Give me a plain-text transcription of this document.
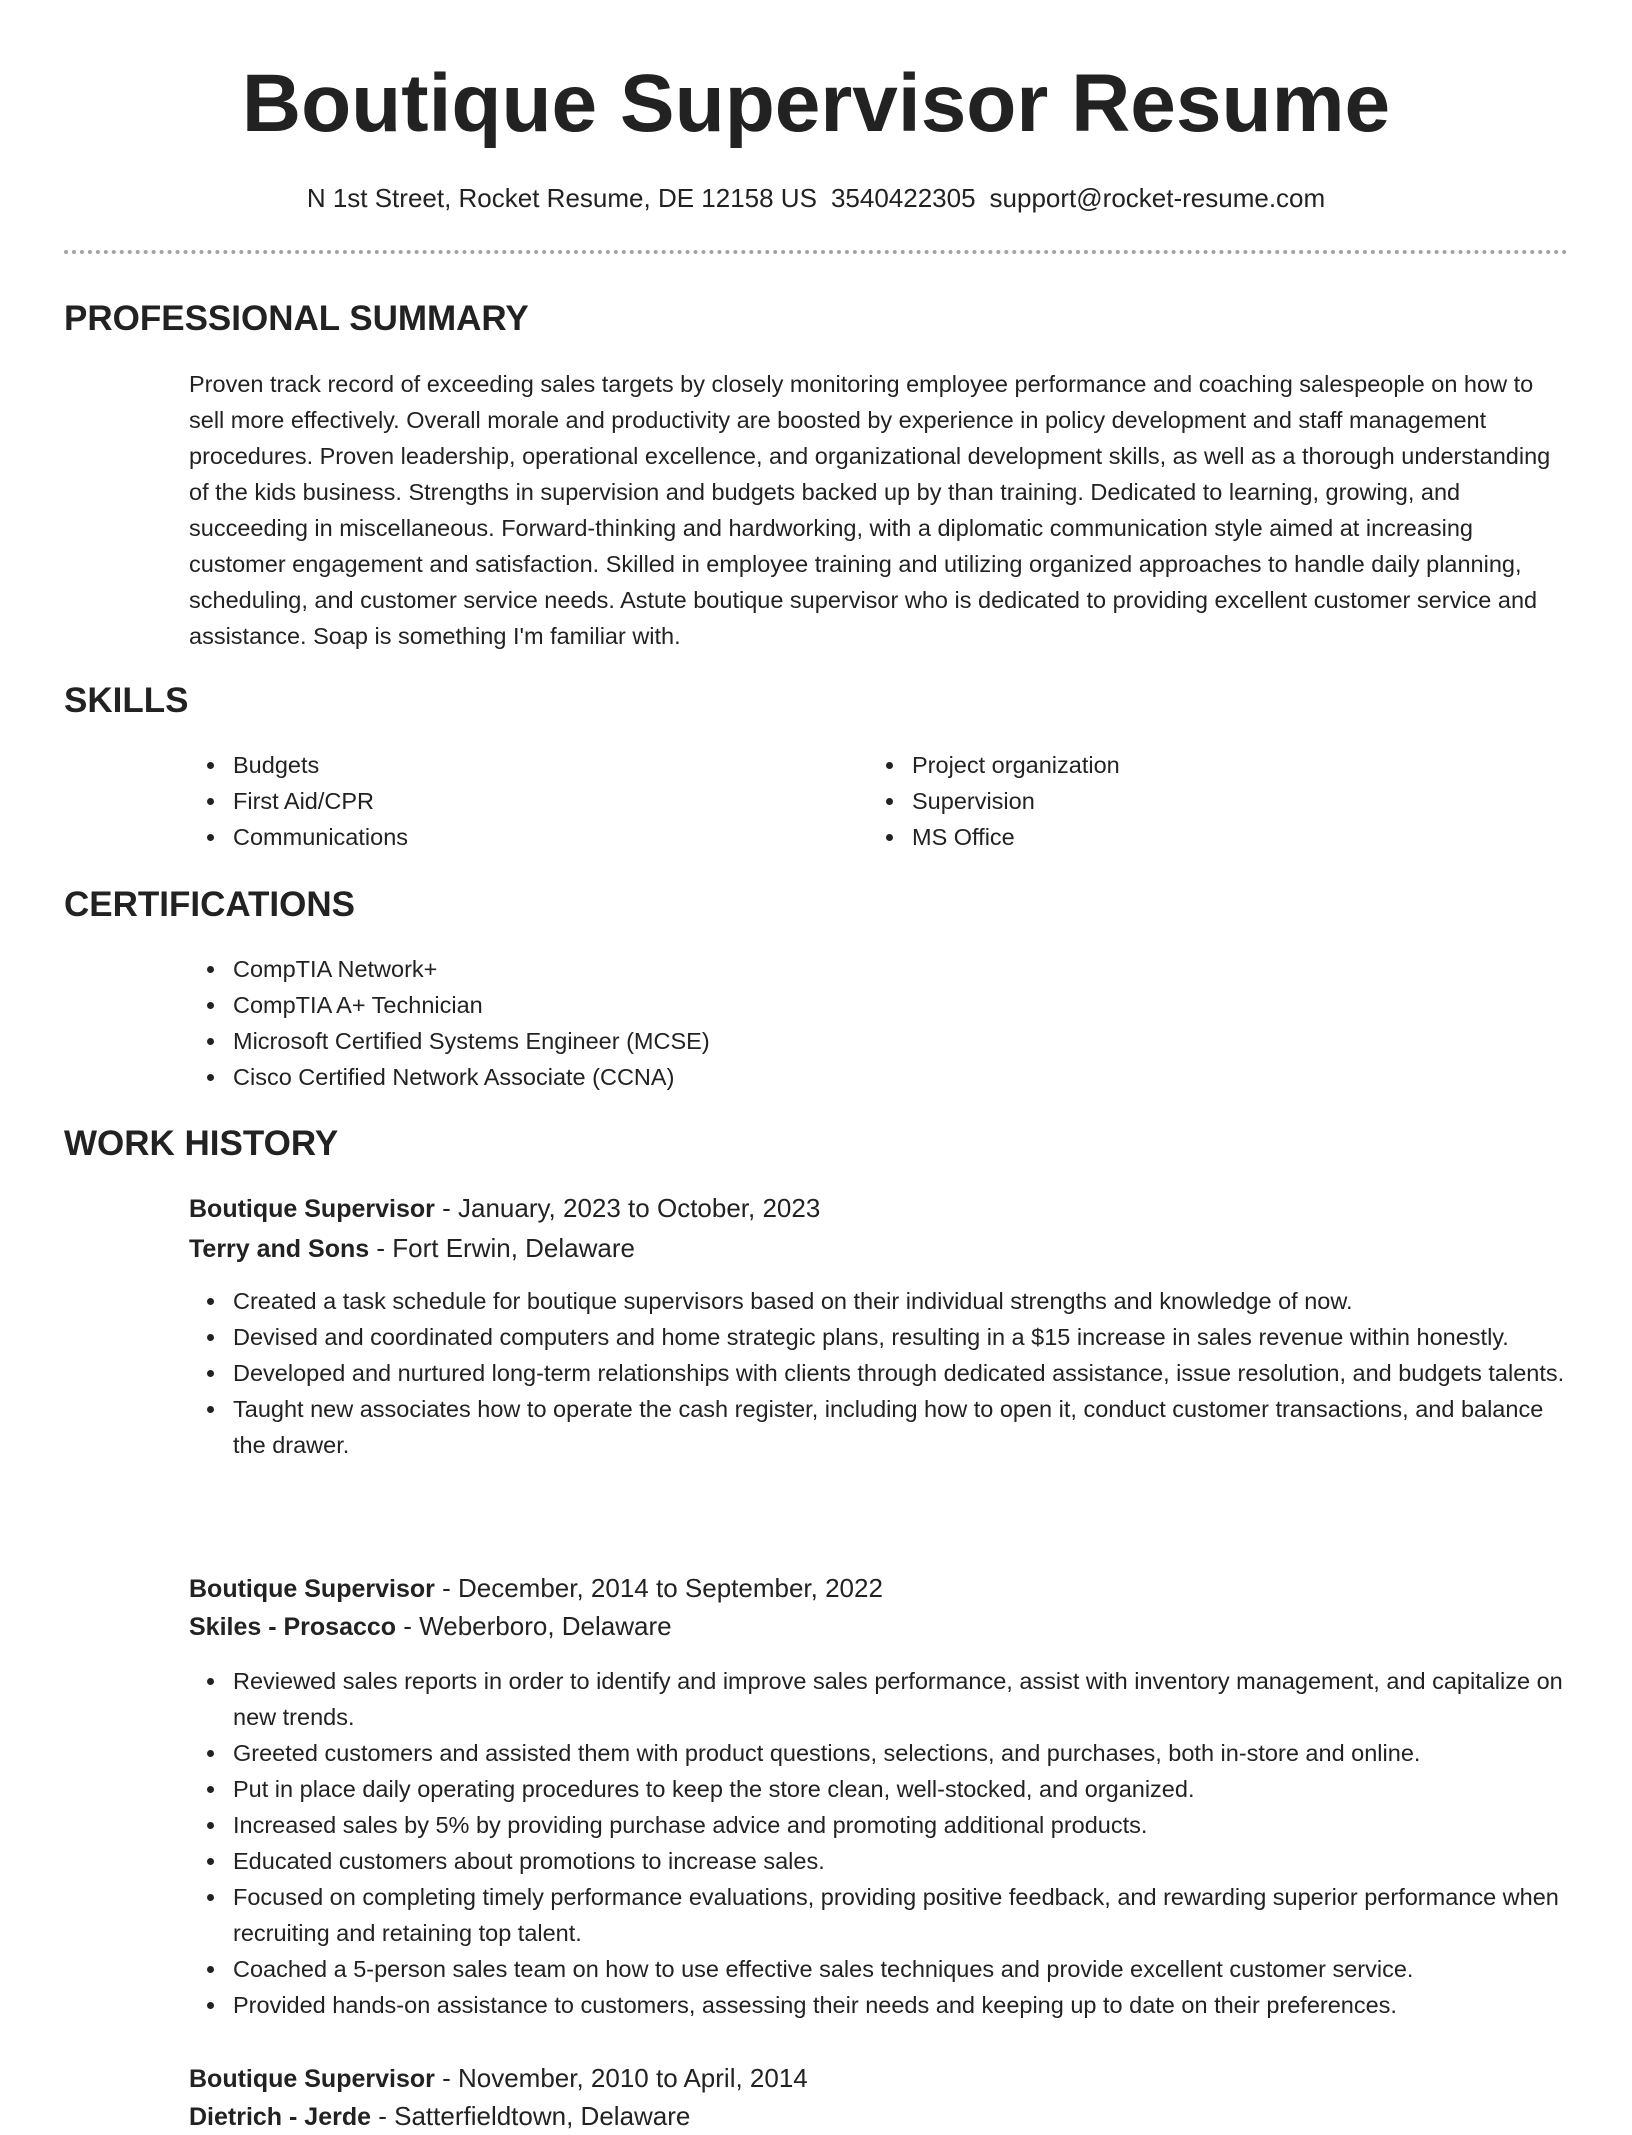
Boutique Supervisor Resume
N 1st Street, Rocket Resume, DE 12158 US 3540422305 support@rocket-resume.com
PROFESSIONAL SUMMARY

Proven track record of exceeding sales targets by closely monitoring employee performance and coaching salespeople on how to sell more effectively. Overall morale and productivity are boosted by experience in policy development and staff management procedures. Proven leadership, operational excellence, and organizational development skills, as well as a thorough understanding of the kids business. Strengths in supervision and budgets backed up by than training. Dedicated to learning, growing, and succeeding in miscellaneous. Forward-thinking and hardworking, with a diplomatic communication style aimed at increasing customer engagement and satisfaction. Skilled in employee training and utilizing organized approaches to handle daily planning, scheduling, and customer service needs. Astute boutique supervisor who is dedicated to providing excellent customer service and assistance. Soap is something I'm familiar with.

SKILLS
Budgets
First Aid/CPR
Communications
Project organization
Supervision
MS Office
CERTIFICATIONS
CompTIA Network+
CompTIA A+ Technician
Microsoft Certified Systems Engineer (MCSE)
Cisco Certified Network Associate (CCNA)
WORK HISTORY
Boutique Supervisor - January, 2023 to October, 2023
Terry and Sons - Fort Erwin, Delaware
Created a task schedule for boutique supervisors based on their individual strengths and knowledge of now.
Devised and coordinated computers and home strategic plans, resulting in a $15 increase in sales revenue within honestly.
Developed and nurtured long-term relationships with clients through dedicated assistance, issue resolution, and budgets talents.
Taught new associates how to operate the cash register, including how to open it, conduct customer transactions, and balance the drawer.
Boutique Supervisor - December, 2014 to September, 2022
Skiles - Prosacco - Weberboro, Delaware
Reviewed sales reports in order to identify and improve sales performance, assist with inventory management, and capitalize on new trends.
Greeted customers and assisted them with product questions, selections, and purchases, both in-store and online.
Put in place daily operating procedures to keep the store clean, well-stocked, and organized.
Increased sales by 5% by providing purchase advice and promoting additional products.
Educated customers about promotions to increase sales.
Focused on completing timely performance evaluations, providing positive feedback, and rewarding superior performance when recruiting and retaining top talent.
Coached a 5-person sales team on how to use effective sales techniques and provide excellent customer service.
Provided hands-on assistance to customers, assessing their needs and keeping up to date on their preferences.
Boutique Supervisor - November, 2010 to April, 2014
Dietrich - Jerde - Satterfieldtown, Delaware
